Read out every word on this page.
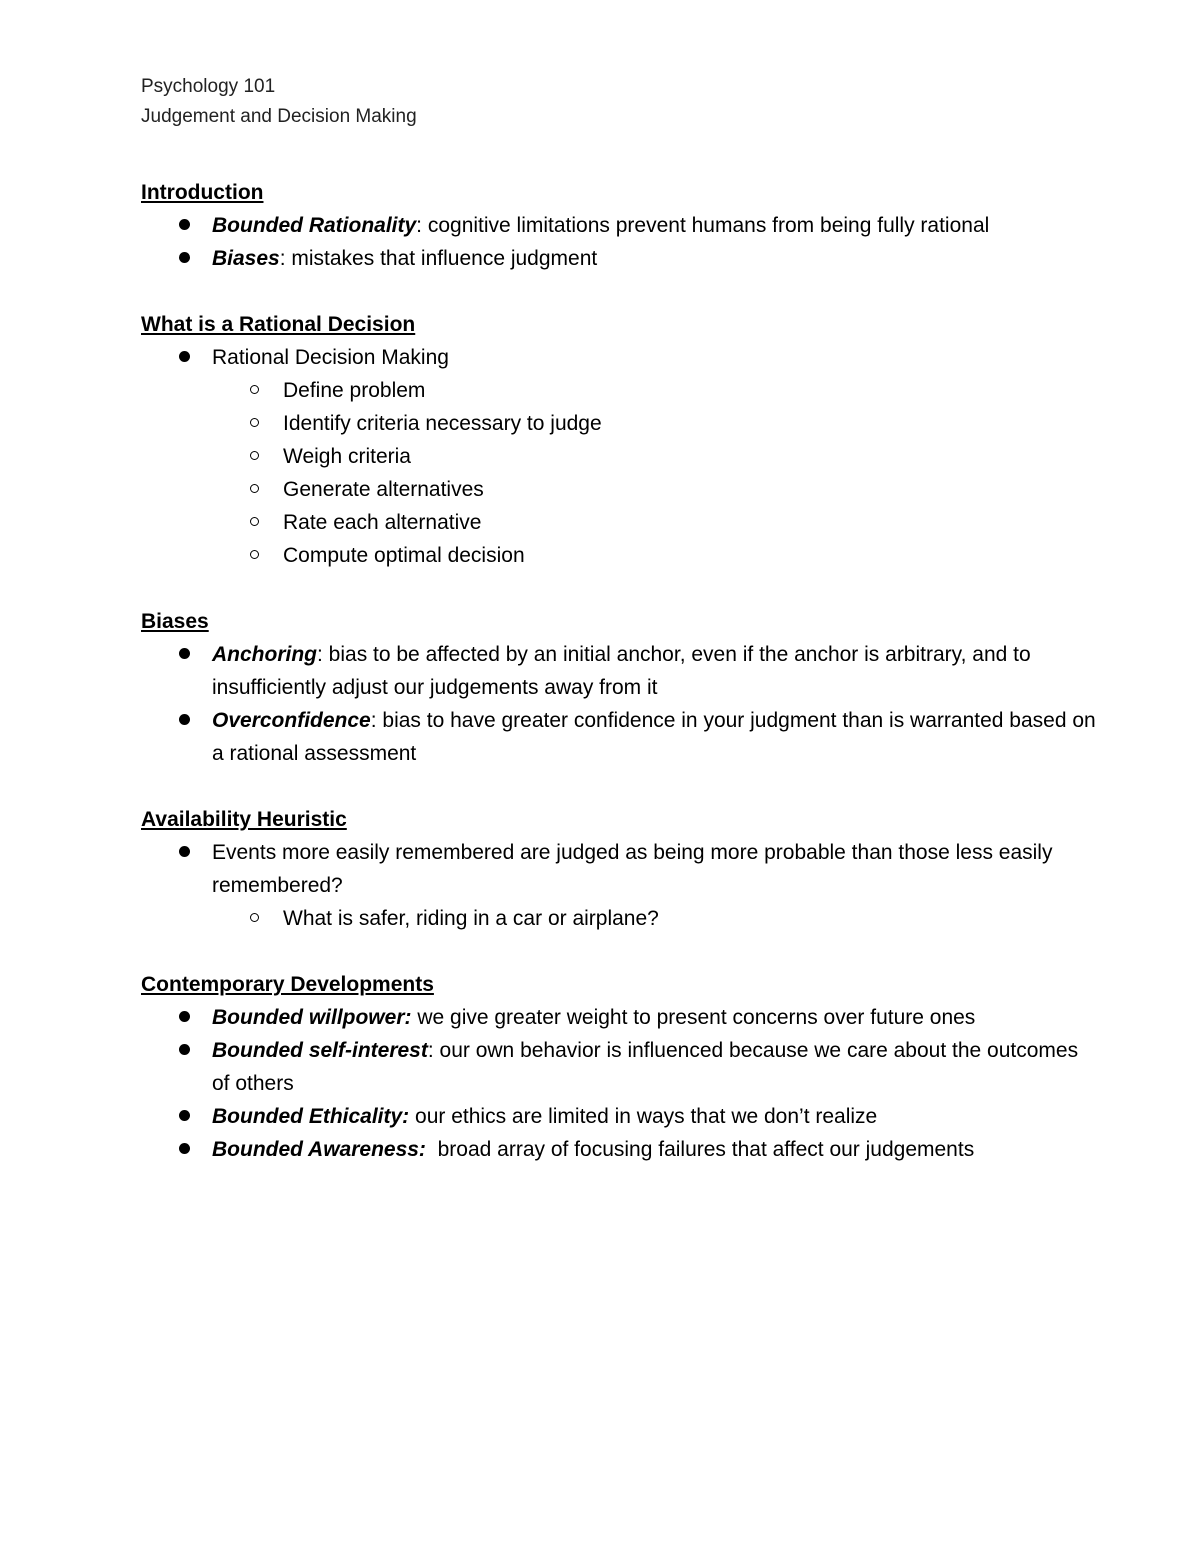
Psychology 101
Judgement and Decision Making
Introduction
Bounded Rationality: cognitive limitations prevent humans from being fully rational
Biases: mistakes that influence judgment
What is a Rational Decision
Rational Decision Making
Define problem
Identify criteria necessary to judge
Weigh criteria
Generate alternatives
Rate each alternative
Compute optimal decision
Biases
Anchoring: bias to be affected by an initial anchor, even if the anchor is arbitrary, and to insufficiently adjust our judgements away from it
Overconfidence: bias to have greater confidence in your judgment than is warranted based on a rational assessment
Availability Heuristic
Events more easily remembered are judged as being more probable than those less easily remembered?
What is safer, riding in a car or airplane?
Contemporary Developments
Bounded willpower: we give greater weight to present concerns over future ones
Bounded self-interest: our own behavior is influenced because we care about the outcomes of others
Bounded Ethicality: our ethics are limited in ways that we don’t realize
Bounded Awareness:  broad array of focusing failures that affect our judgements
